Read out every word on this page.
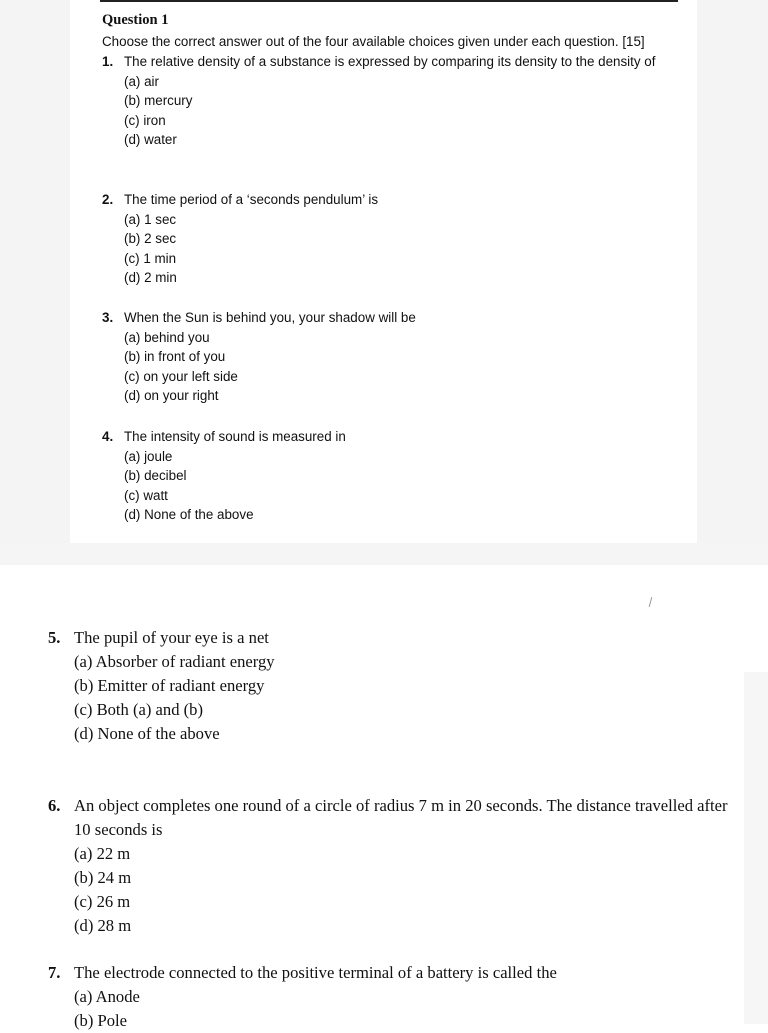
Question 1
Choose the correct answer out of the four available choices given under each question. [15]
1. The relative density of a substance is expressed by comparing its density to the density of
(a) air
(b) mercury
(c) iron
(d) water
2. The time period of a ‘seconds pendulum’ is
(a) 1 sec
(b) 2 sec
(c) 1 min
(d) 2 min
3. When the Sun is behind you, your shadow will be
(a) behind you
(b) in front of you
(c) on your left side
(d) on your right
4. The intensity of sound is measured in
(a) joule
(b) decibel
(c) watt
(d) None of the above
5. The pupil of your eye is a net
(a) Absorber of radiant energy
(b) Emitter of radiant energy
(c) Both (a) and (b)
(d) None of the above
6. An object completes one round of a circle of radius 7 m in 20 seconds. The distance travelled after 10 seconds is
(a) 22 m
(b) 24 m
(c) 26 m
(d) 28 m
7. The electrode connected to the positive terminal of a battery is called the
(a) Anode
(b) Pole
